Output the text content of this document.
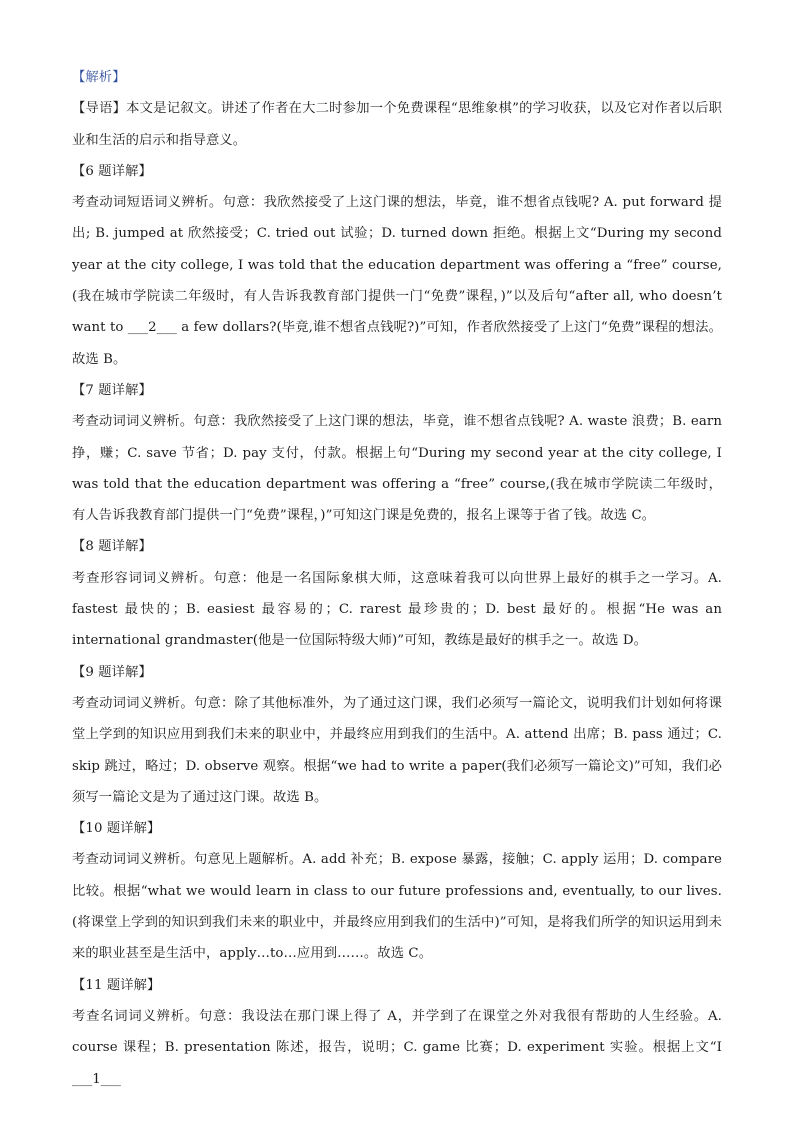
【解析】

【导语】本文是记叙文。讲述了作者在大二时参加一个免费课程“思维象棋”的学习收获，以及它对作者以后职业和生活的启示和指导意义。

【6 题详解】

考查动词短语词义辨析。句意：我欣然接受了上这门课的想法，毕竟，谁不想省点钱呢? A. put forward 提出; B. jumped at 欣然接受；C. tried out 试验；D. turned down 拒绝。根据上文“During my second year at the city college, I was told that the education department was offering a “free” course,(我在城市学院读二年级时，有人告诉我教育部门提供一门“免费”课程，)”以及后句“after all, who doesn’t want to ___2___ a few dollars?(毕竟,谁不想省点钱呢?)”可知，作者欣然接受了上这门“免费”课程的想法。故选 B。

【7 题详解】

考查动词词义辨析。句意：我欣然接受了上这门课的想法，毕竟，谁不想省点钱呢? A. waste 浪费；B. earn 挣，赚；C. save 节省；D. pay 支付，付款。根据上句“During my second year at the city college, I was told that the education department was offering a “free” course,(我在城市学院读二年级时，有人告诉我教育部门提供一门“免费”课程，)”可知这门课是免费的，报名上课等于省了钱。故选 C。

【8 题详解】

考查形容词词义辨析。句意：他是一名国际象棋大师，这意味着我可以向世界上最好的棋手之一学习。A. fastest 最快的；B. easiest 最容易的；C. rarest 最珍贵的；D. best 最好的。根据“He was an international grandmaster(他是一位国际特级大师)”可知，教练是最好的棋手之一。故选 D。

【9 题详解】

考查动词词义辨析。句意：除了其他标准外，为了通过这门课，我们必须写一篇论文，说明我们计划如何将课堂上学到的知识应用到我们未来的职业中，并最终应用到我们的生活中。A. attend 出席；B. pass 通过；C. skip 跳过，略过；D. observe 观察。根据“we had to write a paper(我们必须写一篇论文)”可知，我们必须写一篇论文是为了通过这门课。故选 B。

【10 题详解】

考查动词词义辨析。句意见上题解析。A. add 补充；B. expose 暴露，接触；C. apply 运用；D. compare 比较。根据“what we would learn in class to our future professions and, eventually, to our lives.(将课堂上学到的知识到我们未来的职业中，并最终应用到我们的生活中)”可知，是将我们所学的知识运用到未来的职业甚至是生活中，apply…to…应用到……。故选 C。

【11 题详解】

考查名词词义辨析。句意：我设法在那门课上得了 A，并学到了在课堂之外对我很有帮助的人生经验。A. course 课程；B. presentation 陈述，报告，说明；C. game 比赛；D. experiment 实验。根据上文“I ___1___
